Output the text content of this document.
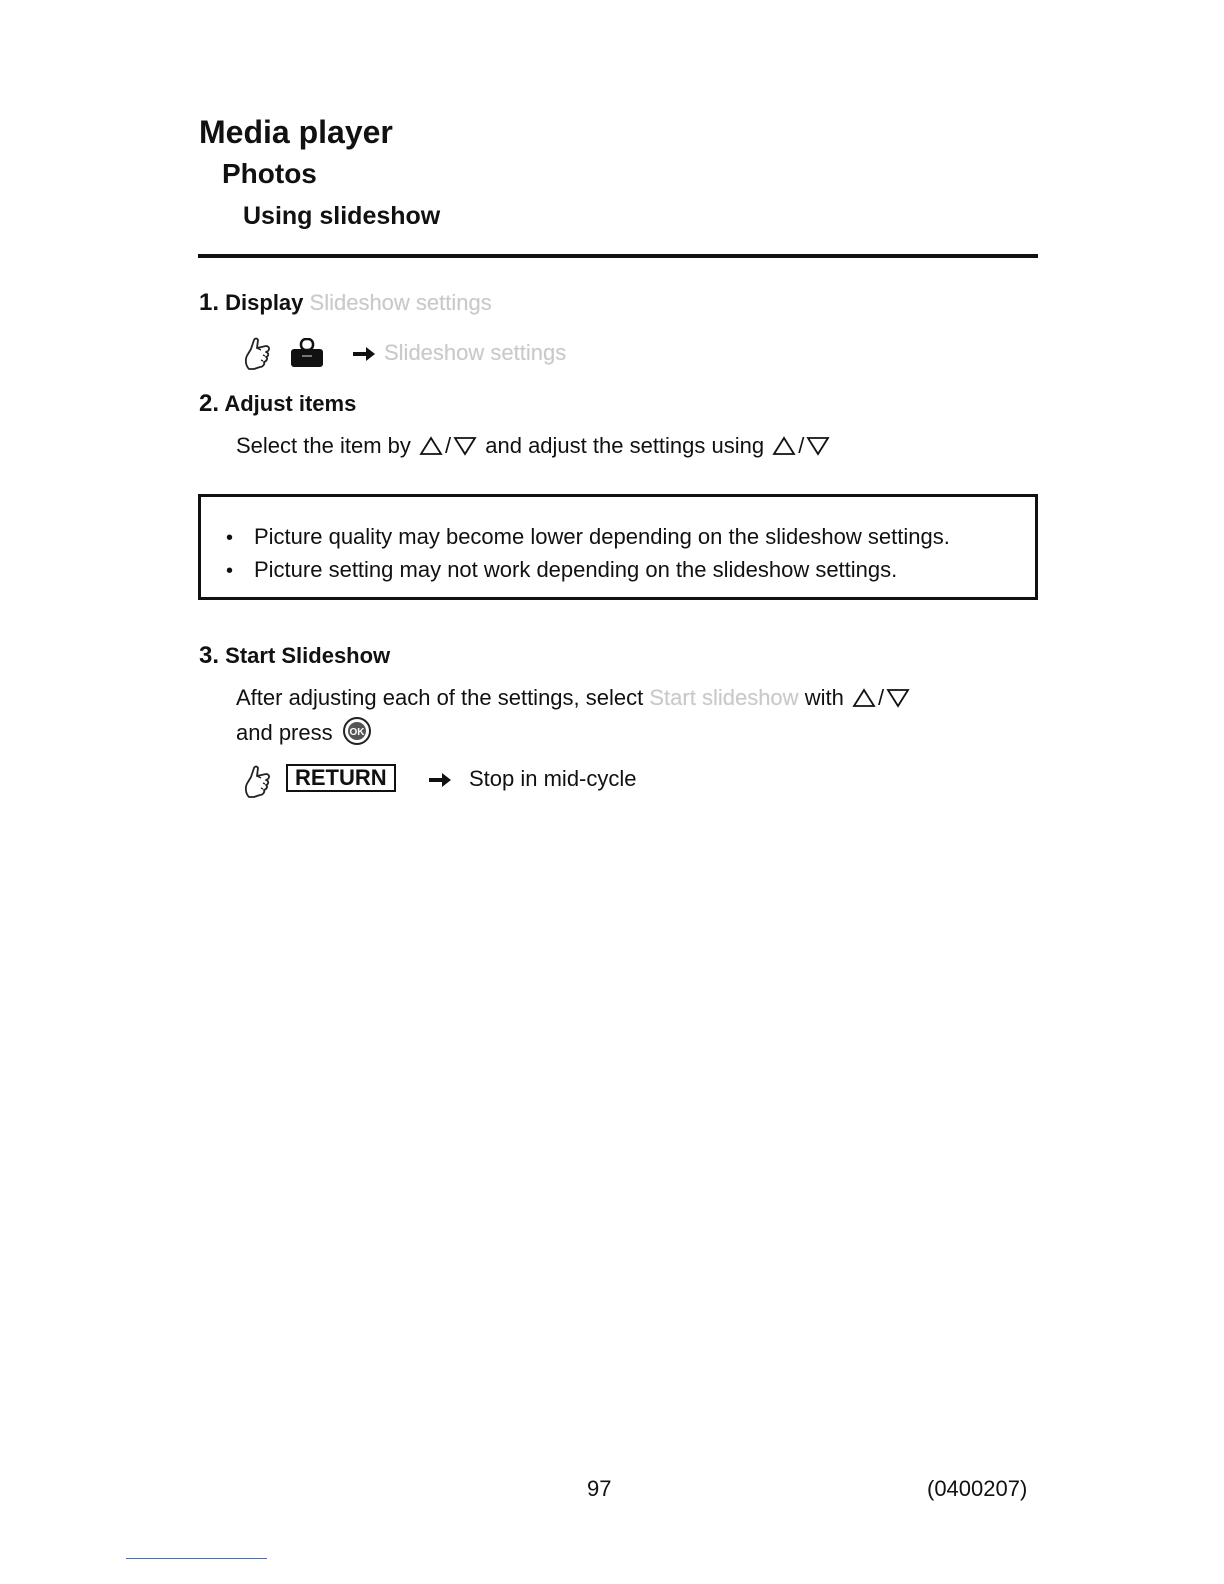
Media player
Photos
Using slideshow
1. Display Slideshow settings
Slideshow settings
2. Adjust items
Select the item by / and adjust the settings using /
• Picture quality may become lower depending on the slideshow settings.
• Picture setting may not work depending on the slideshow settings.
3. Start Slideshow
After adjusting each of the settings, select Start slideshow with /
and press OK
RETURN	Stop in mid-cycle
97	(0400207)
